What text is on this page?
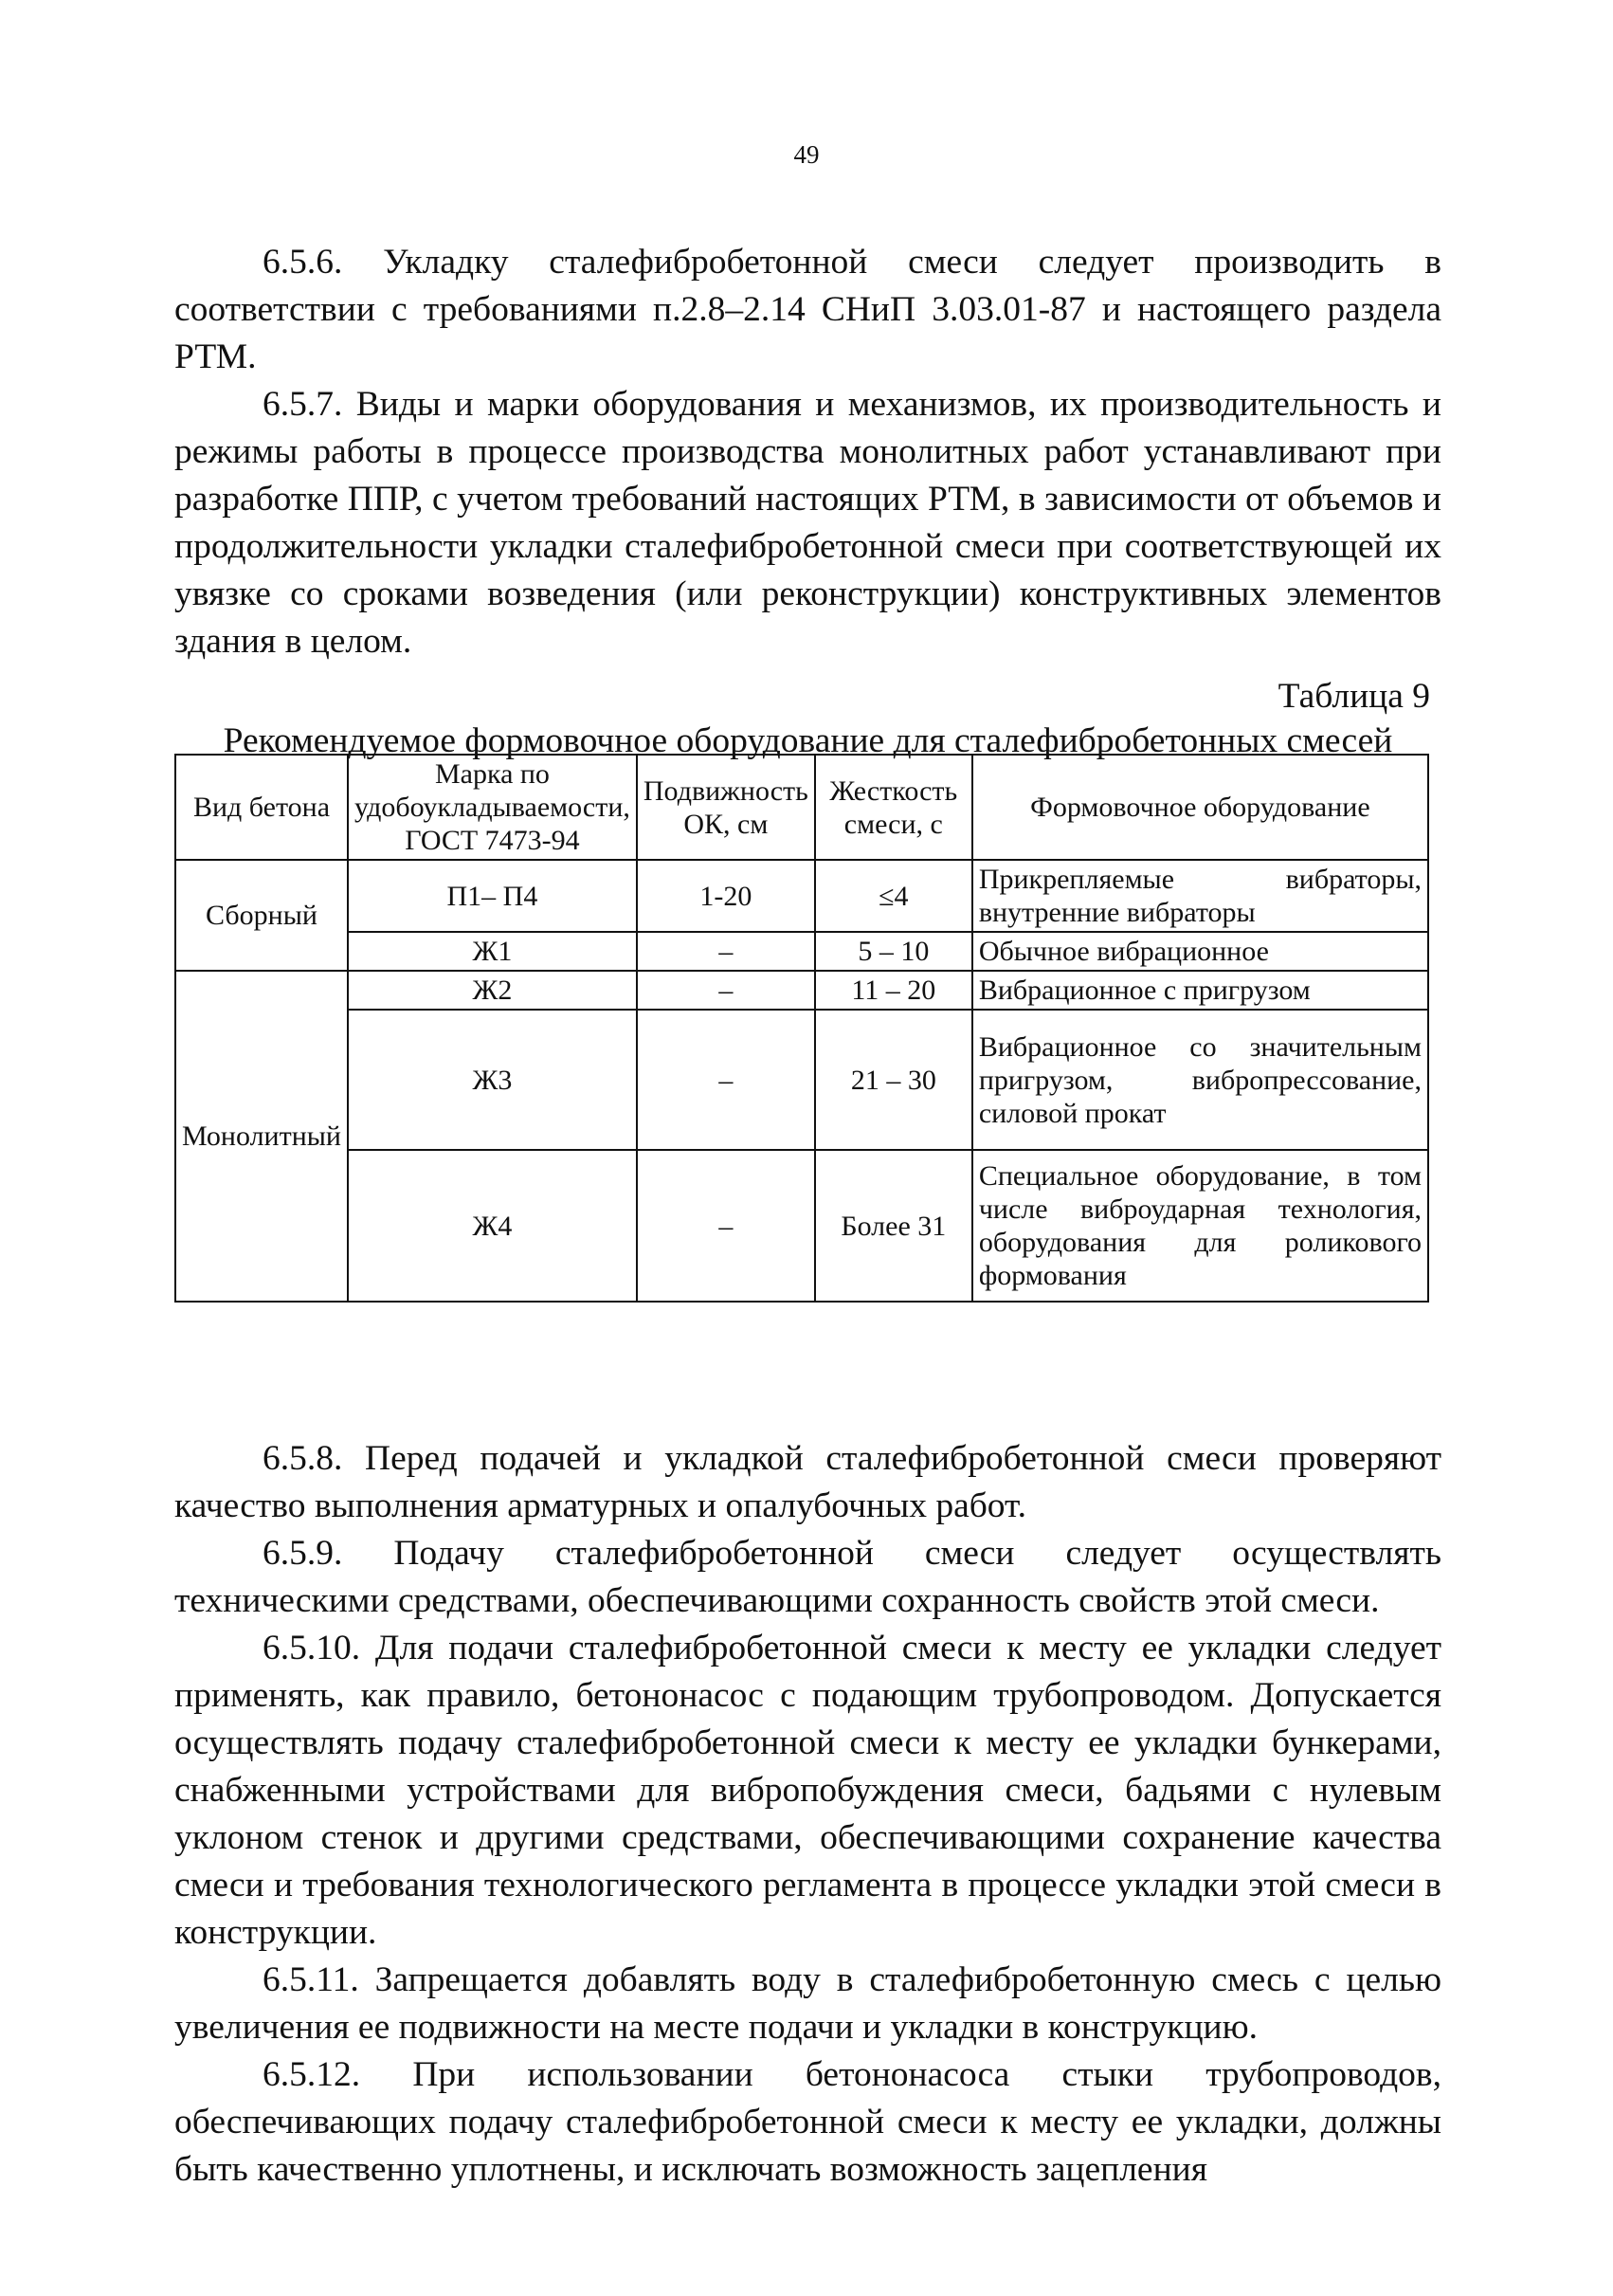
49

6.5.6. Укладку сталефибробетонной смеси следует производить в соответствии с требованиями п.2.8–2.14 СНиП 3.03.01-87 и настоящего раздела РТМ.

6.5.7. Виды и марки оборудования и механизмов, их производительность и режимы работы в процессе производства монолитных работ устанавливают при разработке ППР, с учетом требований настоящих РТМ, в зависимости от объемов и продолжительности укладки сталефибробетонной смеси при соответствующей их увязке со сроками возведения (или реконструкции) конструктивных элементов здания в целом.

Таблица 9
Рекомендуемое формовочное оборудование для сталефибробетонных смесей
Вид бетона	Марка по удобоукладываемости, ГОСТ 7473-94	Подвижность ОК, см	Жесткость смеси, с	Формовочное оборудование
Сборный	П1– П4	1-20	≤4	Прикрепляемые вибраторы, внутренние вибраторы
	Ж1	–	5 – 10	Обычное вибрационное
Монолитный	Ж2	–	11 – 20	Вибрационное с пригрузом
	Ж3	–	21 – 30	Вибрационное со значительным пригрузом, вибропрессование, силовой прокат
	Ж4	–	Более 31	Специальное оборудование, в том числе виброударная технология, оборудования для роликового формования

6.5.8. Перед подачей и укладкой сталефибробетонной смеси проверяют качество выполнения арматурных и опалубочных работ.

6.5.9. Подачу сталефибробетонной смеси следует осуществлять техническими средствами, обеспечивающими сохранность свойств этой смеси.

6.5.10. Для подачи сталефибробетонной смеси к месту ее укладки следует применять, как правило, бетононасос с подающим трубопроводом. Допускается осуществлять подачу сталефибробетонной смеси к месту ее укладки бункерами, снабженными устройствами для вибропобуждения смеси, бадьями с нулевым уклоном стенок и другими средствами, обеспечивающими сохранение качества смеси и требования технологического регламента в процессе укладки этой смеси в конструкции.

6.5.11. Запрещается добавлять воду в сталефибробетонную смесь с целью увеличения ее подвижности на месте подачи и укладки в конструкцию.

6.5.12. При использовании бетононасоса стыки трубопроводов, обеспечивающих подачу сталефибробетонной смеси к месту ее укладки, должны быть качественно уплотнены, и исключать возможность зацепления
